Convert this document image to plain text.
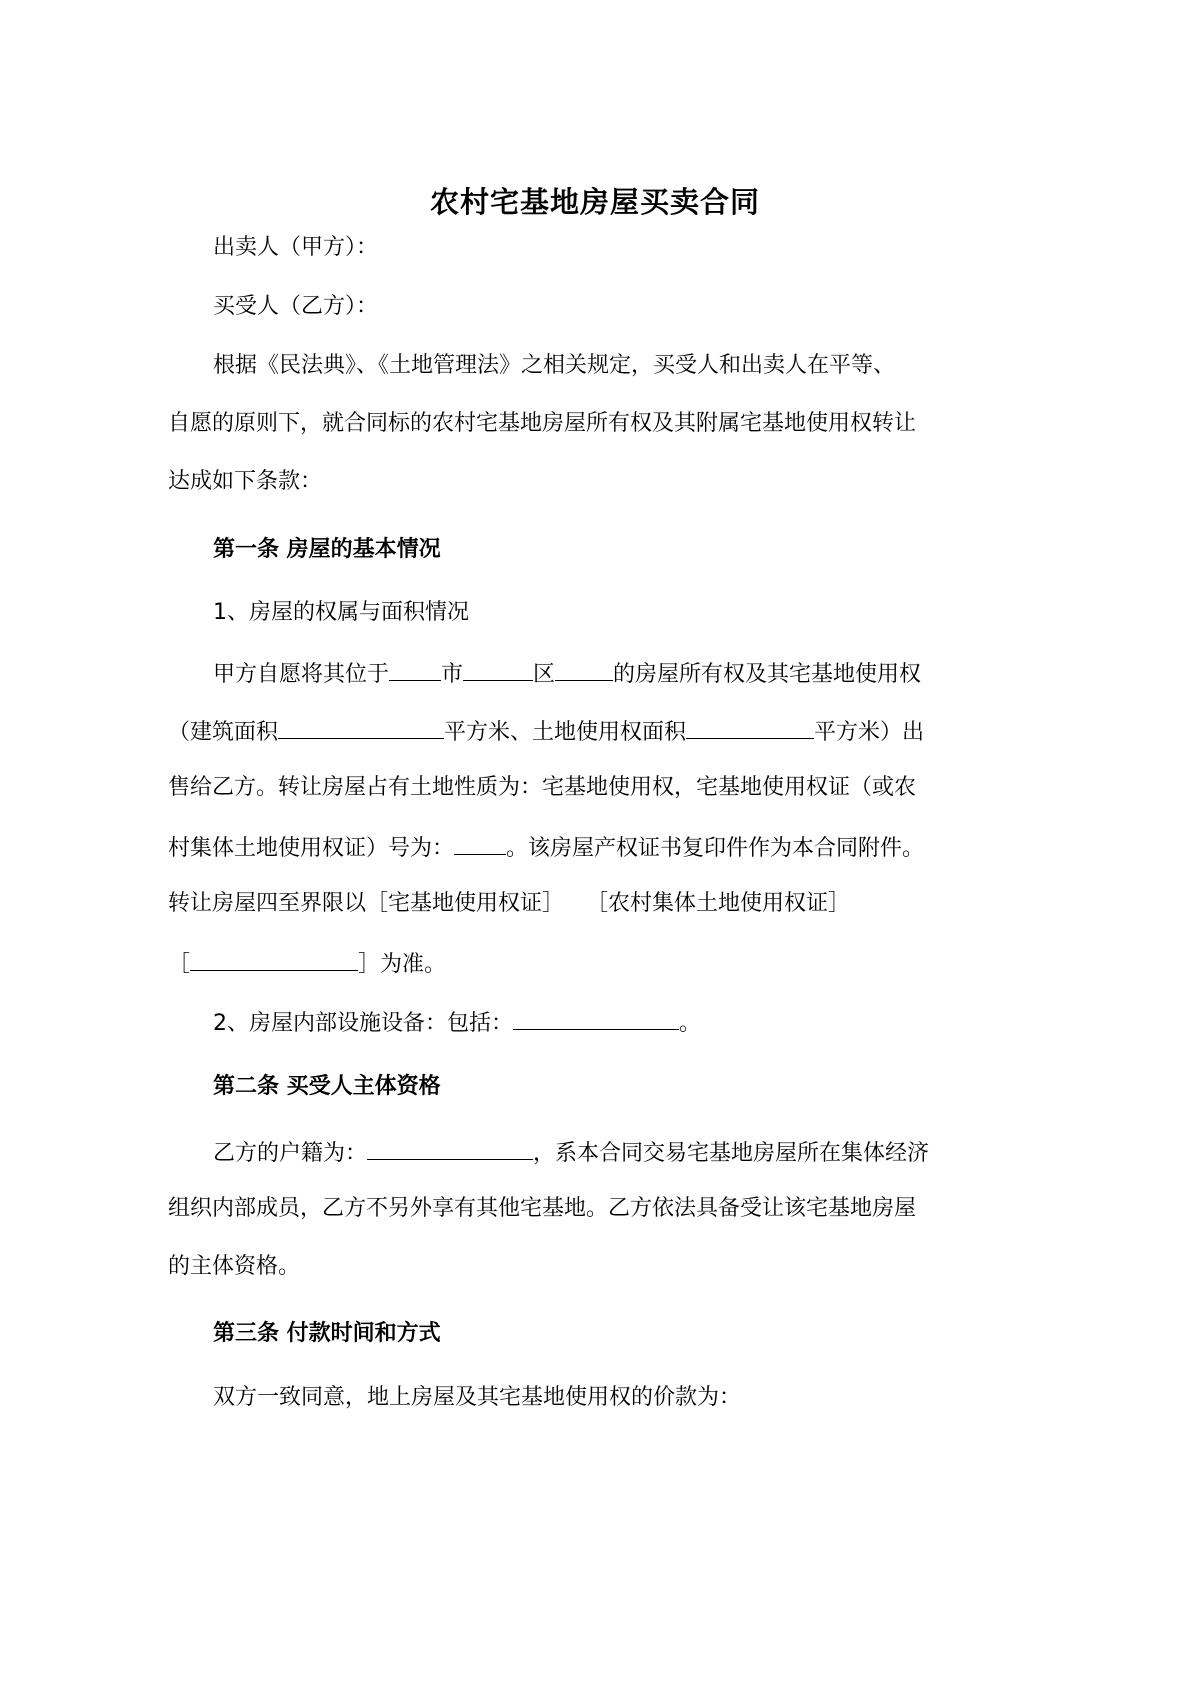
农村宅基地房屋买卖合同
出卖人（甲方）：
买受人（乙方）：
根据《民法典》、《土地管理法》之相关规定，买受人和出卖人在平等、
自愿的原则下，就合同标的农村宅基地房屋所有权及其附属宅基地使用权转让
达成如下条款：
第一条 房屋的基本情况
1、房屋的权属与面积情况
甲方自愿将其位于 市	区	的房屋所有权及其宅基地使用权
（建筑面积	平方米、土地使用权面积	平方米）出
售给乙方。转让房屋占有土地性质为：宅基地使用权，宅基地使用权证（或农
村集体土地使用权证）号为： 。该房屋产权证书复印件作为本合同附件。
转让房屋四至界限以［宅基地使用权证］ ［农村集体土地使用权证］
［	］为准。
2、房屋内部设施设备：包括：	。
第二条 买受人主体资格
乙方的户籍为：	，系本合同交易宅基地房屋所在集体经济
组织内部成员，乙方不另外享有其他宅基地。乙方依法具备受让该宅基地房屋
的主体资格。
第三条 付款时间和方式
双方一致同意，地上房屋及其宅基地使用权的价款为：
